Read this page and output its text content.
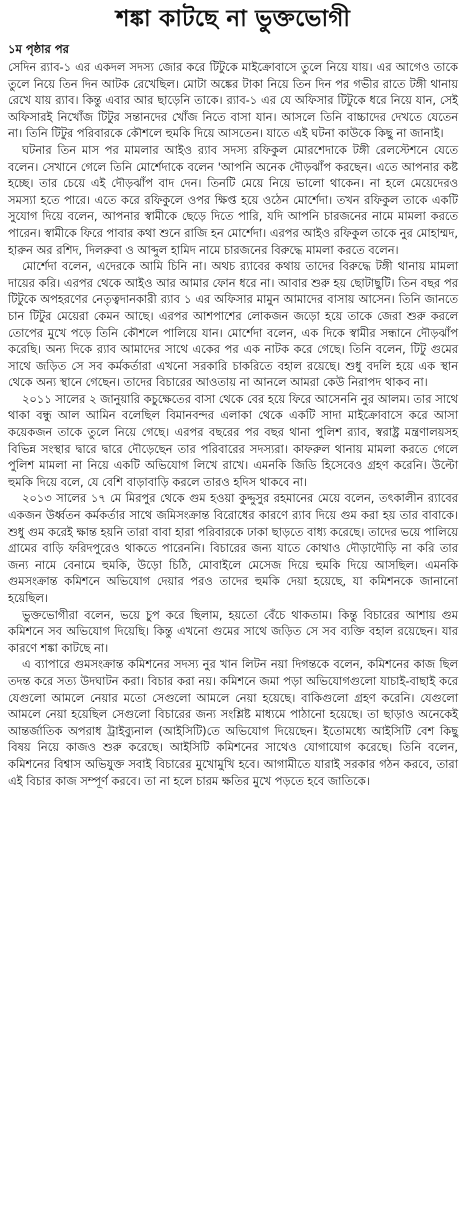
শঙ্কা কাটছে না ভুক্তভোগী
১ম পৃষ্ঠার পর

সেদিন র‍্যাব-১ এর একদল সদস্য জোর করে টিটুকে মাইক্রোবাসে তুলে নিয়ে যায়। এর আগেও তাকে তুলে নিয়ে তিন দিন আটক রেখেছিল। মোটা অঙ্কের টাকা নিয়ে তিন দিন পর গভীর রাতে টঙ্গী থানায় রেখে যায় র‍্যাব। কিন্তু এবার আর ছাড়েনি তাকে। র‍্যাব-১ এর যে অফিসার টিটুকে ধরে নিয়ে যান, সেই অফিসারই নিখোঁজ টিটুর সন্তানদের খোঁজ নিতে বাসা যান। আসলে তিনি বাচ্চাদের দেখতে যেতেন না। তিনি টিটুর পরিবারকে কৌশলে হুমকি দিয়ে আসতেন। যাতে এই ঘটনা কাউকে কিছু না জানাই।

ঘটনার তিন মাস পর মামলার আইও র‍্যাব সদস্য রফিকুল মোরশেদাকে টঙ্গী রেলস্টেশনে যেতে বলেন। সেখানে গেলে তিনি মোর্শেদাকে বলেন 'আপনি অনেক দৌড়ঝাঁপ করছেন। এতে আপনার কষ্ট হচ্ছে। তার চেয়ে এই দৌড়ঝাঁপ বাদ দেন। তিনটি মেয়ে নিয়ে ভালো থাকেন। না হলে মেয়েদেরও সমস্যা হতে পারে। এতে করে রফিকুলে ওপর ক্ষিপ্ত হয়ে ওঠেন মোর্শেদা। তখন রফিকুল তাকে একটি সুযোগ দিয়ে বলেন, আপনার স্বামীকে ছেড়ে দিতে পারি, যদি আপনি চারজনের নামে মামলা করতে পারেন। স্বামীকে ফিরে পাবার কথা শুনে রাজি হন মোর্শেদা। এরপর আইও রফিকুল তাকে নুর মোহাম্মদ, হারুন অর রশিদ, দিলরুবা ও আব্দুল হামিদ নামে চারজনের বিরুদ্ধে মামলা করতে বলেন।

মোর্শেদা বলেন, এদেরকে আমি চিনি না। অথচ র‍্যাবের কথায় তাদের বিরুদ্ধে টঙ্গী থানায় মামলা দায়ের করি। এরপর থেকে আইও আর আমার ফোন ধরে না। আবার শুরু হয় ছোটাছুটি। তিন বছর পর টিটুকে অপহরণের নেতৃত্বদানকারী র‍্যাব ১ এর অফিসার মামুন আমাদের বাসায় আসেন। তিনি জানতে চান টিটুর মেয়েরা কেমন আছে। এরপর আশপাশের লোকজন জড়ো হয়ে তাকে জেরা শুরু করলে তোপের মুখে পড়ে তিনি কৌশলে পালিয়ে যান। মোর্শেদা বলেন, এক দিকে স্বামীর সন্ধানে দৌড়ঝাঁপ করেছি। অন্য দিকে র‍্যাব আমাদের সাথে একের পর এক নাটক করে গেছে। তিনি বলেন, টিটু গুমের সাথে জড়িত সে সব কর্মকর্তারা এখনো সরকারি চাকরিতে বহাল রয়েছে। শুধু বদলি হয়ে এক স্থান থেকে অন্য স্থানে গেছেন। তাদের বিচারের আওতায় না আনলে আমরা কেউ নিরাপদ থাকব না।

২০১১ সালের ২ জানুয়ারি কচুক্ষেতের বাসা থেকে বের হয়ে ফিরে আসেননি নুর আলম। তার সাথে থাকা বন্ধু আল আমিন বলেছিল বিমানবন্দর এলাকা থেকে একটি সাদা মাইক্রোবাসে করে আসা কয়েকজন তাকে তুলে নিয়ে গেছে। এরপর বছরের পর বছর থানা পুলিশ র‍্যাব, স্বরাষ্ট্র মন্ত্রণালয়সহ বিভিন্ন সংস্থার দ্বারে দ্বারে দৌড়েছেন তার পরিবারের সদস্যরা। কাফরুল থানায় মামলা করতে গেলে পুলিশ মামলা না নিয়ে একটি অভিযোগ লিখে রাখে। এমনকি জিডি হিসেবেও গ্রহণ করেনি। উল্টো হুমকি দিয়ে বলে, যে বেশি বাড়াবাড়ি করলে তারও হদিস থাকবে না।

২০১৩ সালের ১৭ মে মিরপুর থেকে গুম হওয়া কুদ্দুসুর রহমানের মেয়ে বলেন, তৎকালীন র‍্যাবের একজন উর্ধ্বতন কর্মকর্তার সাথে জমিসংক্রান্ত বিরোধের কারণে র‍্যাব দিয়ে গুম করা হয় তার বাবাকে। শুধু গুম করেই ক্ষান্ত হয়নি তারা বাবা হারা পরিবারকে ঢাকা ছাড়তে বাধ্য করেছে। তাদের ভয়ে পালিয়ে গ্রামের বাড়ি ফরিদপুরেও থাকতে পারেননি। বিচারের জন্য যাতে কোথাও দৌড়াদৌড়ি না করি তার জন্য নামে বেনামে হুমকি, উড়ো চিঠি, মোবাইলে মেসেজ দিয়ে হুমকি দিয়ে আসছিল। এমনকি গুমসংক্রান্ত কমিশনে অভিযোগ দেয়ার পরও তাদের হুমকি দেয়া হয়েছে, যা কমিশনকে জানানো হয়েছিল।

ভুক্তভোগীরা বলেন, ভয়ে চুপ করে ছিলাম, হয়তো বেঁচে থাকতাম। কিন্তু বিচারের আশায় গুম কমিশনে সব অভিযোগ দিয়েছি। কিন্তু এখনো গুমের সাথে জড়িত সে সব ব্যক্তি বহাল রয়েছেন। যার কারণে শঙ্কা কাটছে না।

এ ব্যাপারে গুমসংক্রান্ত কমিশনের সদস্য নুর খান লিটন নয়া দিগন্তকে বলেন, কমিশনের কাজ ছিল তদন্ত করে সত্য উদঘাটন করা। বিচার করা নয়। কমিশনে জমা পড়া অভিযোগগুলো যাচাই-বাছাই করে যেগুলো আমলে নেয়ার মতো সেগুলো আমলে নেয়া হয়েছে। বাকিগুলো গ্রহণ করেনি। যেগুলো আমলে নেয়া হয়েছিল সেগুলো বিচারের জন্য সংশ্লিষ্ট মাধ্যমে পাঠানো হয়েছে। তা ছাড়াও অনেকেই আন্তর্জাতিক অপরাধ ট্রাইব্যুনাল (আইসিটি)তে অভিযোগ দিয়েছেন। ইতোমধ্যে আইসিটি বেশ কিছু বিষয় নিয়ে কাজও শুরু করেছে। আইসিটি কমিশনের সাথেও যোগাযোগ করেছে। তিনি বলেন, কমিশনের বিশ্বাস অভিযুক্ত সবাই বিচারের মুখোমুখি হবে। আগামীতে যারাই সরকার গঠন করবে, তারা এই বিচার কাজ সম্পূর্ণ করবে। তা না হলে চারম ক্ষতির মুখে পড়তে হবে জাতিকে।
